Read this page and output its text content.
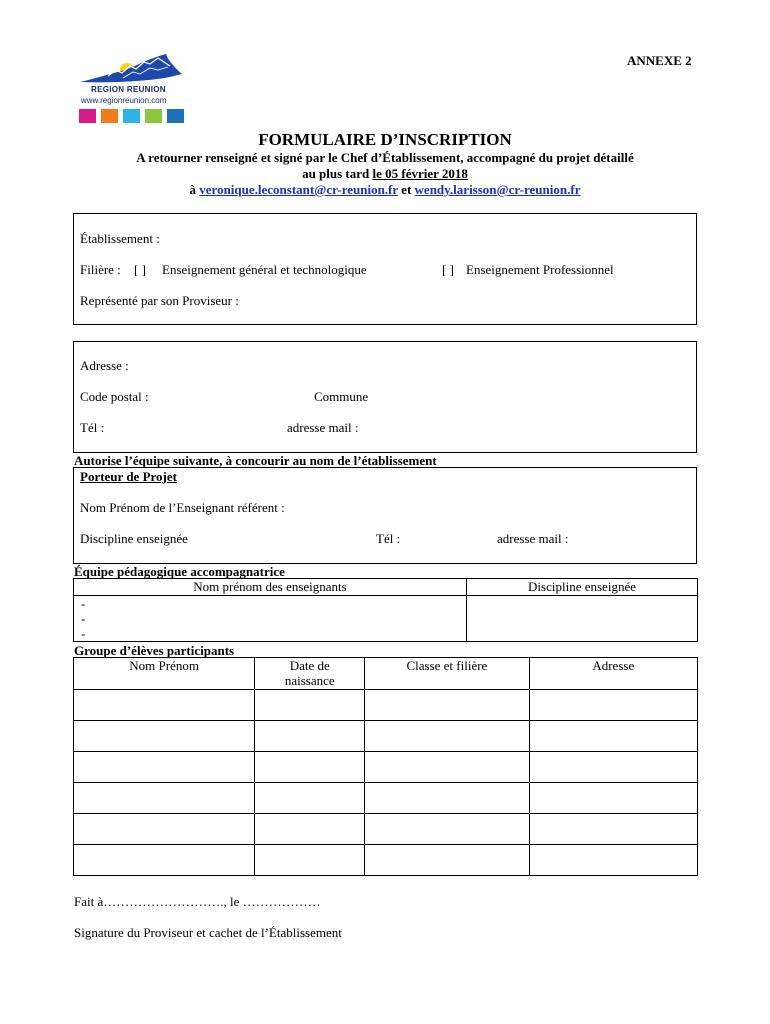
ANNEXE 2
REGION REUNION
www.regionreunion.com
FORMULAIRE D’INSCRIPTION
A retourner renseigné et signé par le Chef d’Établissement, accompagné du projet détaillé
au plus tard le 05 février 2018
à veronique.leconstant@cr-reunion.fr et wendy.larisson@cr-reunion.fr
Établissement :
Filière : [ ] Enseignement général et technologique	[ ] Enseignement Professionnel
Représenté par son Proviseur :
Adresse :
Code postal :	Commune
Tél :	adresse mail :
Autorise l’équipe suivante, à concourir au nom de l’établissement
Porteur de Projet
Nom Prénom de l’Enseignant référent :
Discipline enseignée	Tél :	adresse mail :
Équipe pédagogique accompagnatrice
Nom prénom des enseignants	Discipline enseignée

-
-
-	

Groupe d’élèves participants
Nom Prénom	Date de naissance	Classe et filière	Adresse

Fait à………………………., le ………………
Signature du Proviseur et cachet de l’Établissement
